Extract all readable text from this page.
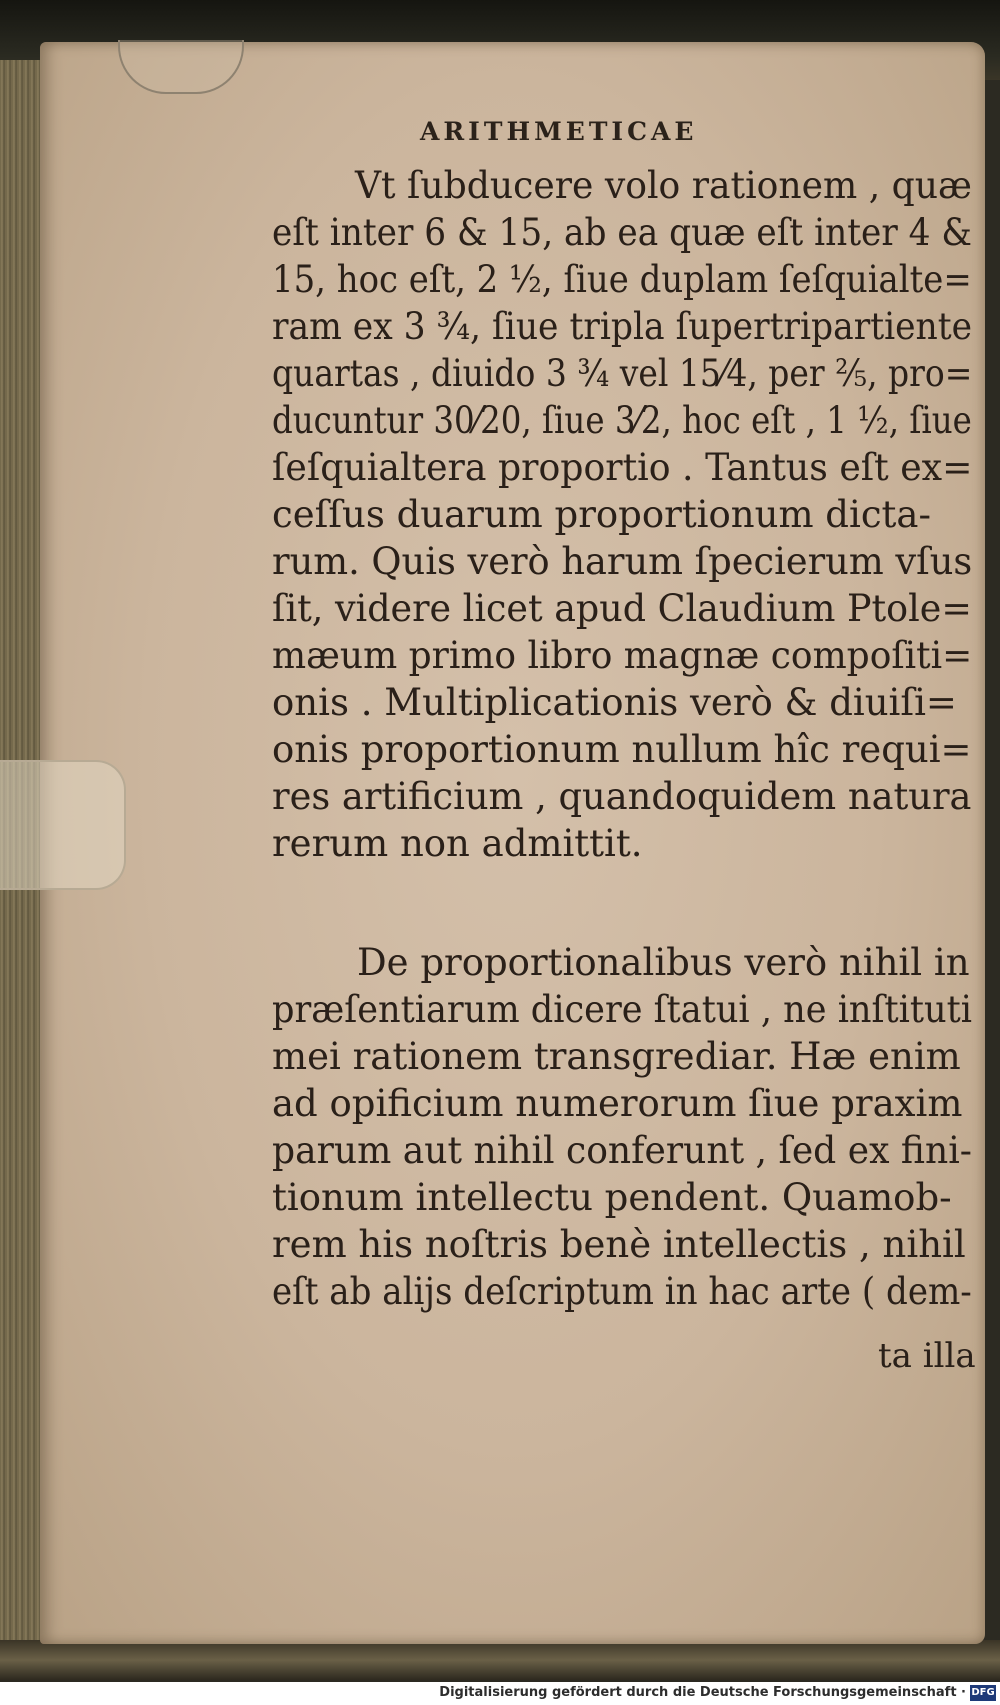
ARITHMETICAE
Vt ſubducere volo rationem , quæ
eſt inter 6 & 15, ab ea quæ eſt inter 4 &
15, hoc eſt, 2 ½, ſiue duplam ſeſquialte=
ram ex 3 ¾, ſiue tripla ſupertripartiente
quartas , diuido 3 ¾ vel 15⁄4, per ⅖, pro=
ducuntur 30⁄20, ſiue 3⁄2, hoc eſt , 1 ½, ſiue
ſeſquialtera proportio . Tantus eſt ex=
ceſſus duarum proportionum dicta-
rum. Quis verò harum ſpecierum vſus
ſit, videre licet apud Claudium Ptole=
mæum primo libro magnæ compoſiti=
onis . Multiplicationis verò & diuiſi=
onis proportionum nullum hîc requi=
res artificium , quandoquidem natura
rerum non admittit.
De proportionalibus verò nihil in
præſentiarum dicere ſtatui , ne inſtituti
mei rationem transgrediar. Hæ enim
ad opificium numerorum ſiue praxim
parum aut nihil conferunt , ſed ex fini-
tionum intellectu pendent. Quamob-
rem his noſtris benè intellectis , nihil
eſt ab alijs deſcriptum in hac arte ( dem-
ta illa
Digitalisierung gefördert durch die Deutsche Forschungsgemeinschaft · DFG
